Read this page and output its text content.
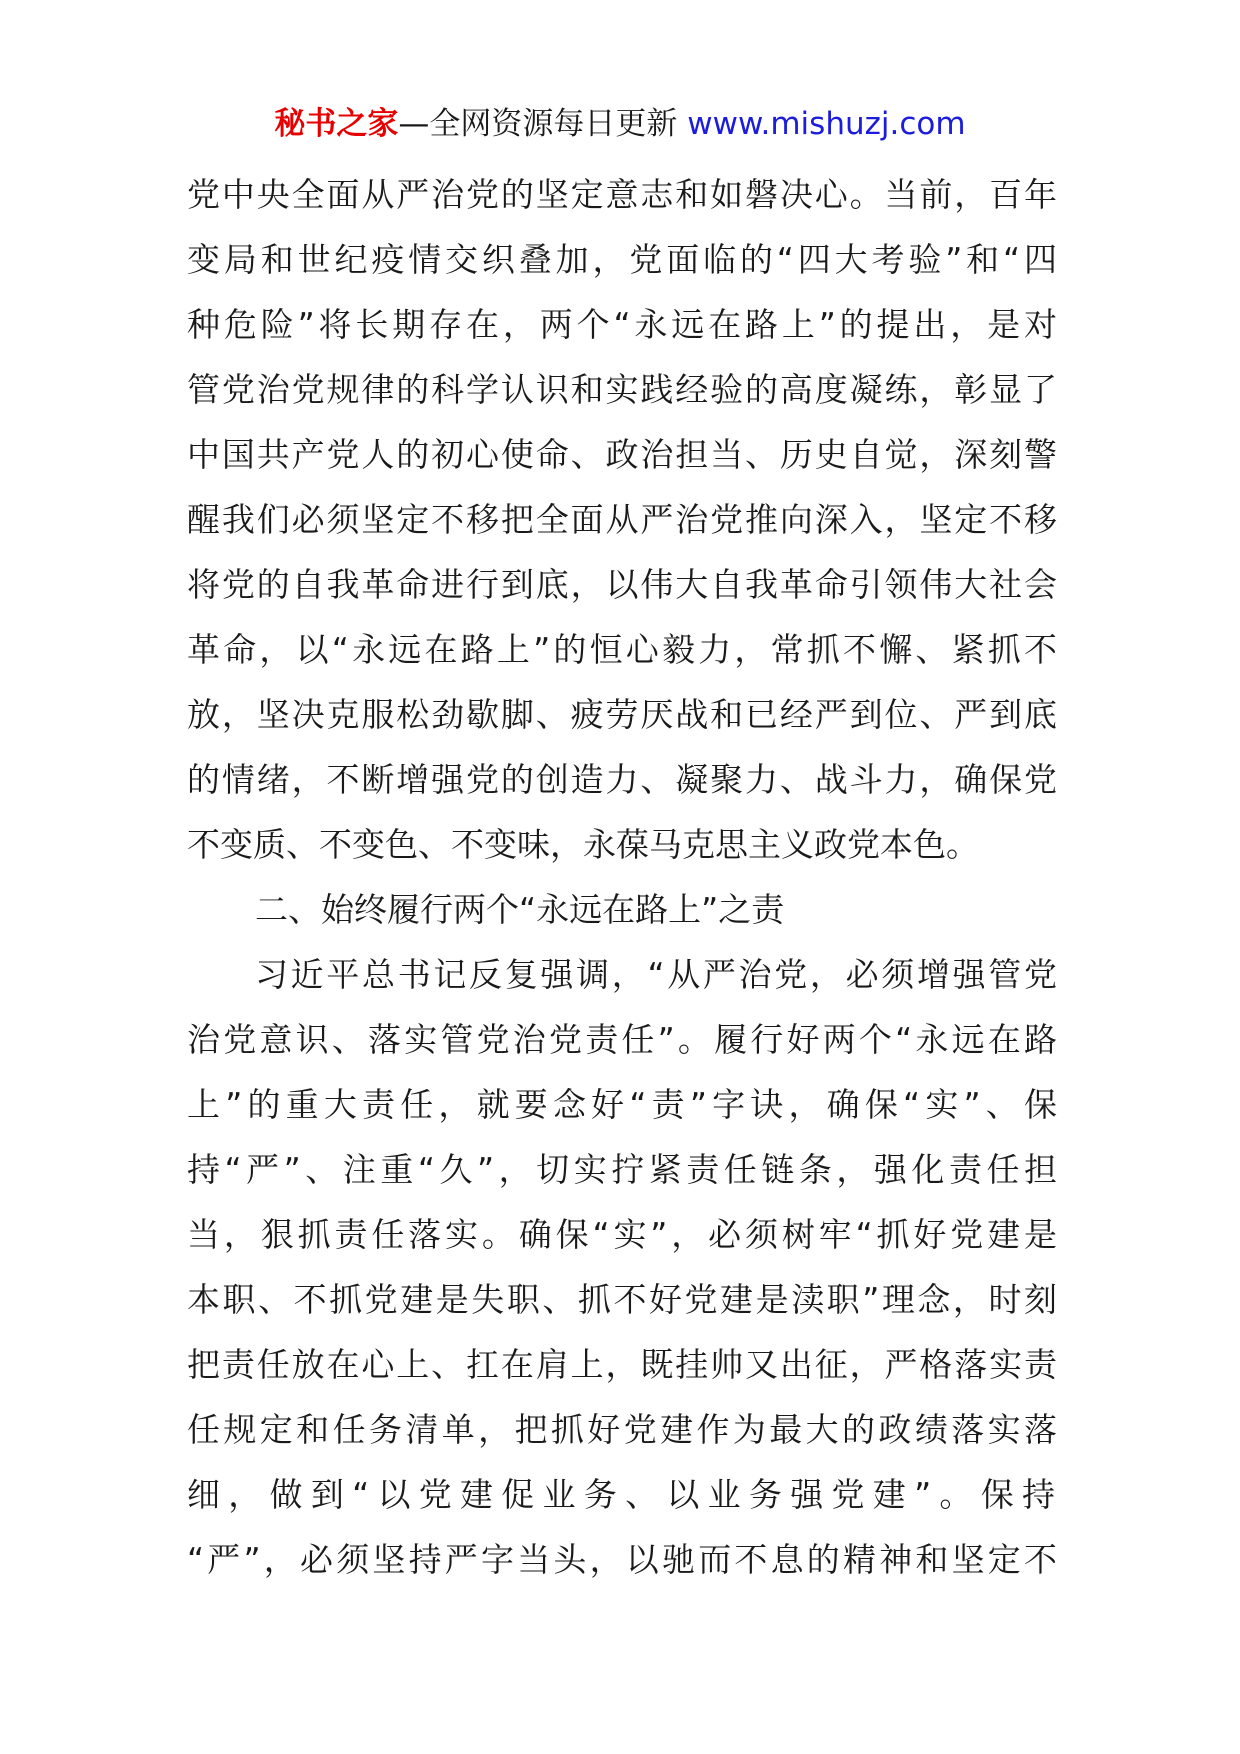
秘书之家—全网资源每日更新 www.mishuzj.com
党中央全面从严治党的坚定意志和如磐决心。当前，百年
变局和世纪疫情交织叠加，党面临的“四大考验”和“四
种危险”将长期存在，两个“永远在路上”的提出，是对
管党治党规律的科学认识和实践经验的高度凝练，彰显了
中国共产党人的初心使命、政治担当、历史自觉，深刻警
醒我们必须坚定不移把全面从严治党推向深入，坚定不移
将党的自我革命进行到底，以伟大自我革命引领伟大社会
革命，以“永远在路上”的恒心毅力，常抓不懈、紧抓不
放，坚决克服松劲歇脚、疲劳厌战和已经严到位、严到底
的情绪，不断增强党的创造力、凝聚力、战斗力，确保党
不变质、不变色、不变味，永葆马克思主义政党本色。
二、始终履行两个“永远在路上”之责
习近平总书记反复强调，“从严治党，必须增强管党
治党意识、落实管党治党责任”。履行好两个“永远在路
上”的重大责任，就要念好“责”字诀，确保“实”、保
持“严”、注重“久”，切实拧紧责任链条，强化责任担
当，狠抓责任落实。确保“实”，必须树牢“抓好党建是
本职、不抓党建是失职、抓不好党建是渎职”理念，时刻
把责任放在心上、扛在肩上，既挂帅又出征，严格落实责
任规定和任务清单，把抓好党建作为最大的政绩落实落
细，做到“以党建促业务、以业务强党建”。保持
“严”，必须坚持严字当头，以驰而不息的精神和坚定不
